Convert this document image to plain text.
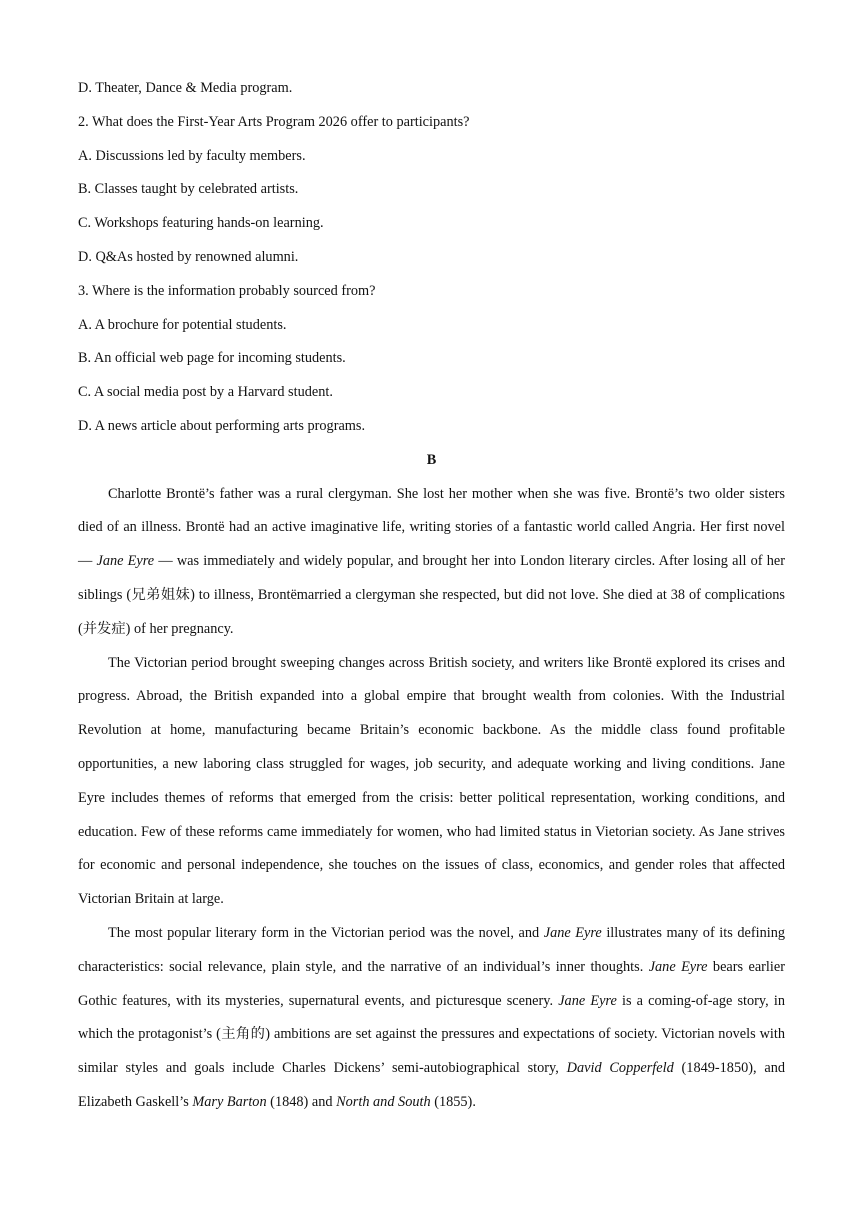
D. Theater, Dance & Media program.

2. What does the First-Year Arts Program 2026 offer to participants?

A. Discussions led by faculty members.

B. Classes taught by celebrated artists.

C. Workshops featuring hands-on learning.

D. Q&As hosted by renowned alumni.

3. Where is the information probably sourced from?

A. A brochure for potential students.

B. An official web page for incoming students.

C. A social media post by a Harvard student.

D. A news article about performing arts programs.

B

Charlotte Brontë’s father was a rural clergyman. She lost her mother when she was five. Brontë’s two older sisters died of an illness. Brontë had an active imaginative life, writing stories of a fantastic world called Angria. Her first novel — Jane Eyre — was immediately and widely popular, and brought her into London literary circles. After losing all of her siblings (兄弟姐妹) to illness, Brontëmarried a clergyman she respected, but did not love. She died at 38 of complications (并发症) of her pregnancy.

The Victorian period brought sweeping changes across British society, and writers like Brontë explored its crises and progress. Abroad, the British expanded into a global empire that brought wealth from colonies. With the Industrial Revolution at home, manufacturing became Britain’s economic backbone. As the middle class found profitable opportunities, a new laboring class struggled for wages, job security, and adequate working and living conditions. Jane Eyre includes themes of reforms that emerged from the crisis: better political representation, working conditions, and education. Few of these reforms came immediately for women, who had limited status in Vietorian society. As Jane strives for economic and personal independence, she touches on the issues of class, economics, and gender roles that affected Victorian Britain at large.

The most popular literary form in the Victorian period was the novel, and Jane Eyre illustrates many of its defining characteristics: social relevance, plain style, and the narrative of an individual’s inner thoughts. Jane Eyre bears earlier Gothic features, with its mysteries, supernatural events, and picturesque scenery. Jane Eyre is a coming-of-age story, in which the protagonist’s (主角的) ambitions are set against the pressures and expectations of society. Victorian novels with similar styles and goals include Charles Dickens’ semi-autobiographical story, David Copperfeld (1849-1850), and Elizabeth Gaskell’s Mary Barton (1848) and North and South (1855).
